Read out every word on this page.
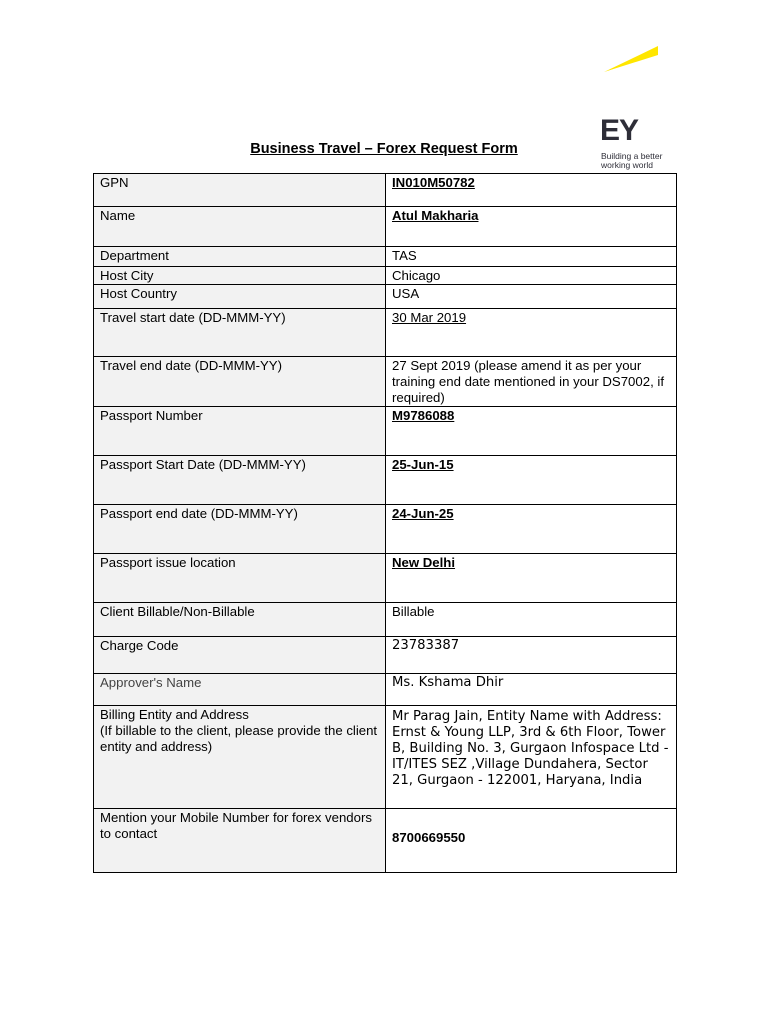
EY
Building a better working world
Business Travel – Forex Request Form
GPN	IN010M50782
Name	Atul Makharia
Department	TAS
Host City	Chicago
Host Country	USA
Travel start date (DD-MMM-YY)	30 Mar 2019
Travel end date (DD-MMM-YY)	27 Sept 2019 (please amend it as per your training end date mentioned in your DS7002, if required)
Passport Number	M9786088
Passport Start Date (DD-MMM-YY)	25-Jun-15
Passport end date (DD-MMM-YY)	24-Jun-25
Passport issue location	New Delhi
Client Billable/Non-Billable	Billable
Charge Code	23783387
Approver's Name	Ms. Kshama Dhir
Billing Entity and Address
(If billable to the client, please provide the client entity and address)	Mr Parag Jain, Entity Name with Address: Ernst & Young LLP, 3rd & 6th Floor, Tower B, Building No. 3, Gurgaon Infospace Ltd - IT/ITES SEZ ,Village Dundahera, Sector 21, Gurgaon - 122001, Haryana, India
Mention your Mobile Number for forex vendors to contact	8700669550
